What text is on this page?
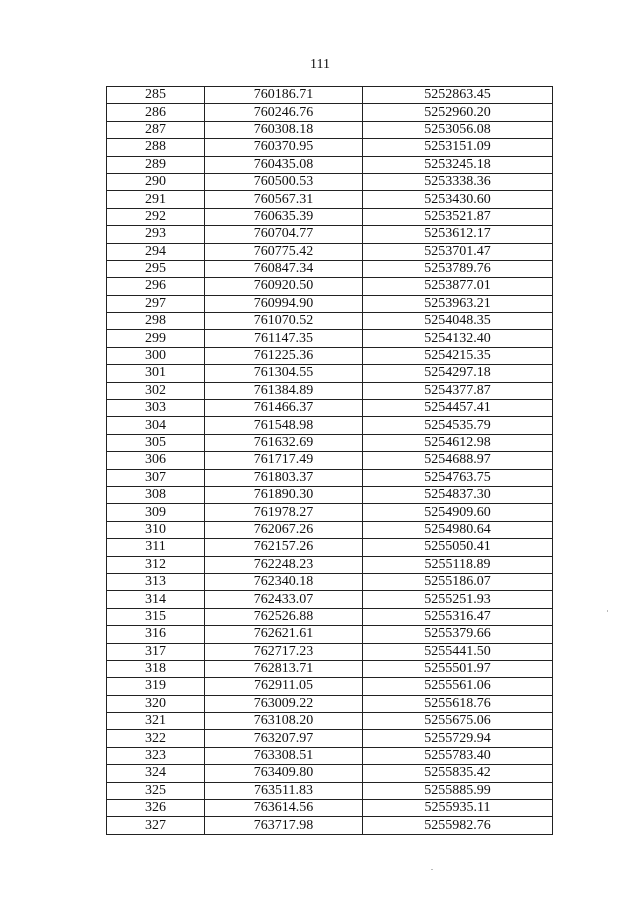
111
285	760186.71	5252863.45
286	760246.76	5252960.20
287	760308.18	5253056.08
288	760370.95	5253151.09
289	760435.08	5253245.18
290	760500.53	5253338.36
291	760567.31	5253430.60
292	760635.39	5253521.87
293	760704.77	5253612.17
294	760775.42	5253701.47
295	760847.34	5253789.76
296	760920.50	5253877.01
297	760994.90	5253963.21
298	761070.52	5254048.35
299	761147.35	5254132.40
300	761225.36	5254215.35
301	761304.55	5254297.18
302	761384.89	5254377.87
303	761466.37	5254457.41
304	761548.98	5254535.79
305	761632.69	5254612.98
306	761717.49	5254688.97
307	761803.37	5254763.75
308	761890.30	5254837.30
309	761978.27	5254909.60
310	762067.26	5254980.64
311	762157.26	5255050.41
312	762248.23	5255118.89
313	762340.18	5255186.07
314	762433.07	5255251.93
315	762526.88	5255316.47
316	762621.61	5255379.66
317	762717.23	5255441.50
318	762813.71	5255501.97
319	762911.05	5255561.06
320	763009.22	5255618.76
321	763108.20	5255675.06
322	763207.97	5255729.94
323	763308.51	5255783.40
324	763409.80	5255835.42
325	763511.83	5255885.99
326	763614.56	5255935.11
327	763717.98	5255982.76
